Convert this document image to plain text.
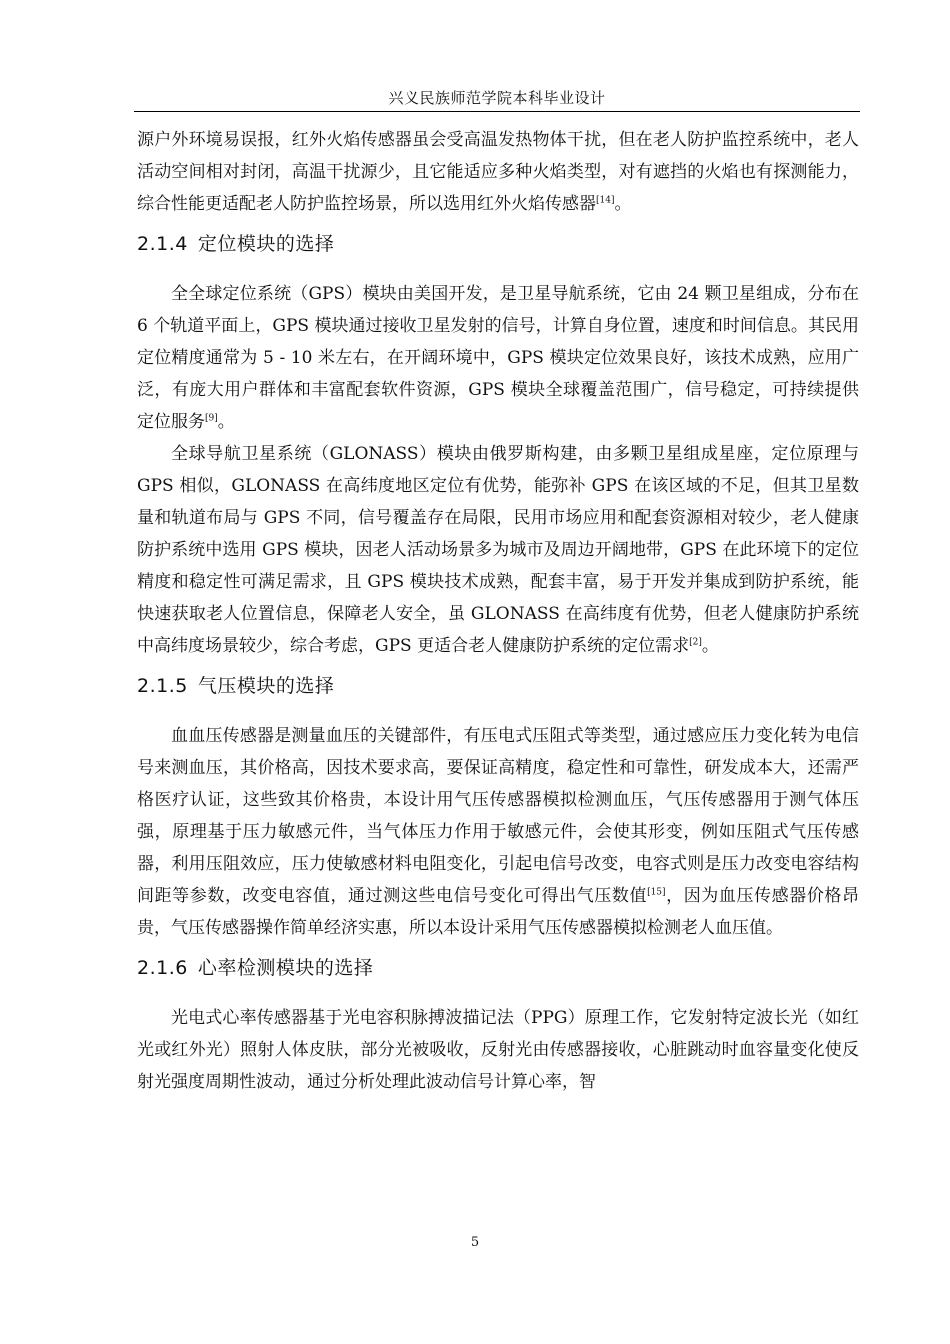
兴义民族师范学院本科毕业设计

源户外环境易误报，红外火焰传感器虽会受高温发热物体干扰，但在老人防护监控系统中，老人活动空间相对封闭，高温干扰源少，且它能适应多种火焰类型，对有遮挡的火焰也有探测能力，综合性能更适配老人防护监控场景，所以选用红外火焰传感器[14]。

2.1.4 定位模块的选择

全全球定位系统（GPS）模块由美国开发，是卫星导航系统，它由 24 颗卫星组成，分布在 6 个轨道平面上，GPS 模块通过接收卫星发射的信号，计算自身位置，速度和时间信息。其民用定位精度通常为 5 - 10 米左右，在开阔环境中，GPS 模块定位效果良好，该技术成熟，应用广泛，有庞大用户群体和丰富配套软件资源，GPS 模块全球覆盖范围广，信号稳定，可持续提供定位服务[9]。

全球导航卫星系统（GLONASS）模块由俄罗斯构建，由多颗卫星组成星座，定位原理与 GPS 相似，GLONASS 在高纬度地区定位有优势，能弥补 GPS 在该区域的不足，但其卫星数量和轨道布局与 GPS 不同，信号覆盖存在局限，民用市场应用和配套资源相对较少，老人健康防护系统中选用 GPS 模块，因老人活动场景多为城市及周边开阔地带，GPS 在此环境下的定位精度和稳定性可满足需求，且 GPS 模块技术成熟，配套丰富，易于开发并集成到防护系统，能快速获取老人位置信息，保障老人安全，虽 GLONASS 在高纬度有优势，但老人健康防护系统中高纬度场景较少，综合考虑，GPS 更适合老人健康防护系统的定位需求[2]。

2.1.5 气压模块的选择

血血压传感器是测量血压的关键部件，有压电式压阻式等类型，通过感应压力变化转为电信号来测血压，其价格高，因技术要求高，要保证高精度，稳定性和可靠性，研发成本大，还需严格医疗认证，这些致其价格贵，本设计用气压传感器模拟检测血压，气压传感器用于测气体压强，原理基于压力敏感元件，当气体压力作用于敏感元件，会使其形变，例如压阻式气压传感器，利用压阻效应，压力使敏感材料电阻变化，引起电信号改变，电容式则是压力改变电容结构间距等参数，改变电容值，通过测这些电信号变化可得出气压数值[15]，因为血压传感器价格昂贵，气压传感器操作简单经济实惠，所以本设计采用气压传感器模拟检测老人血压值。

2.1.6 心率检测模块的选择

光电式心率传感器基于光电容积脉搏波描记法（PPG）原理工作，它发射特定波长光（如红光或红外光）照射人体皮肤，部分光被吸收，反射光由传感器接收，心脏跳动时血容量变化使反射光强度周期性波动，通过分析处理此波动信号计算心率，智

5
